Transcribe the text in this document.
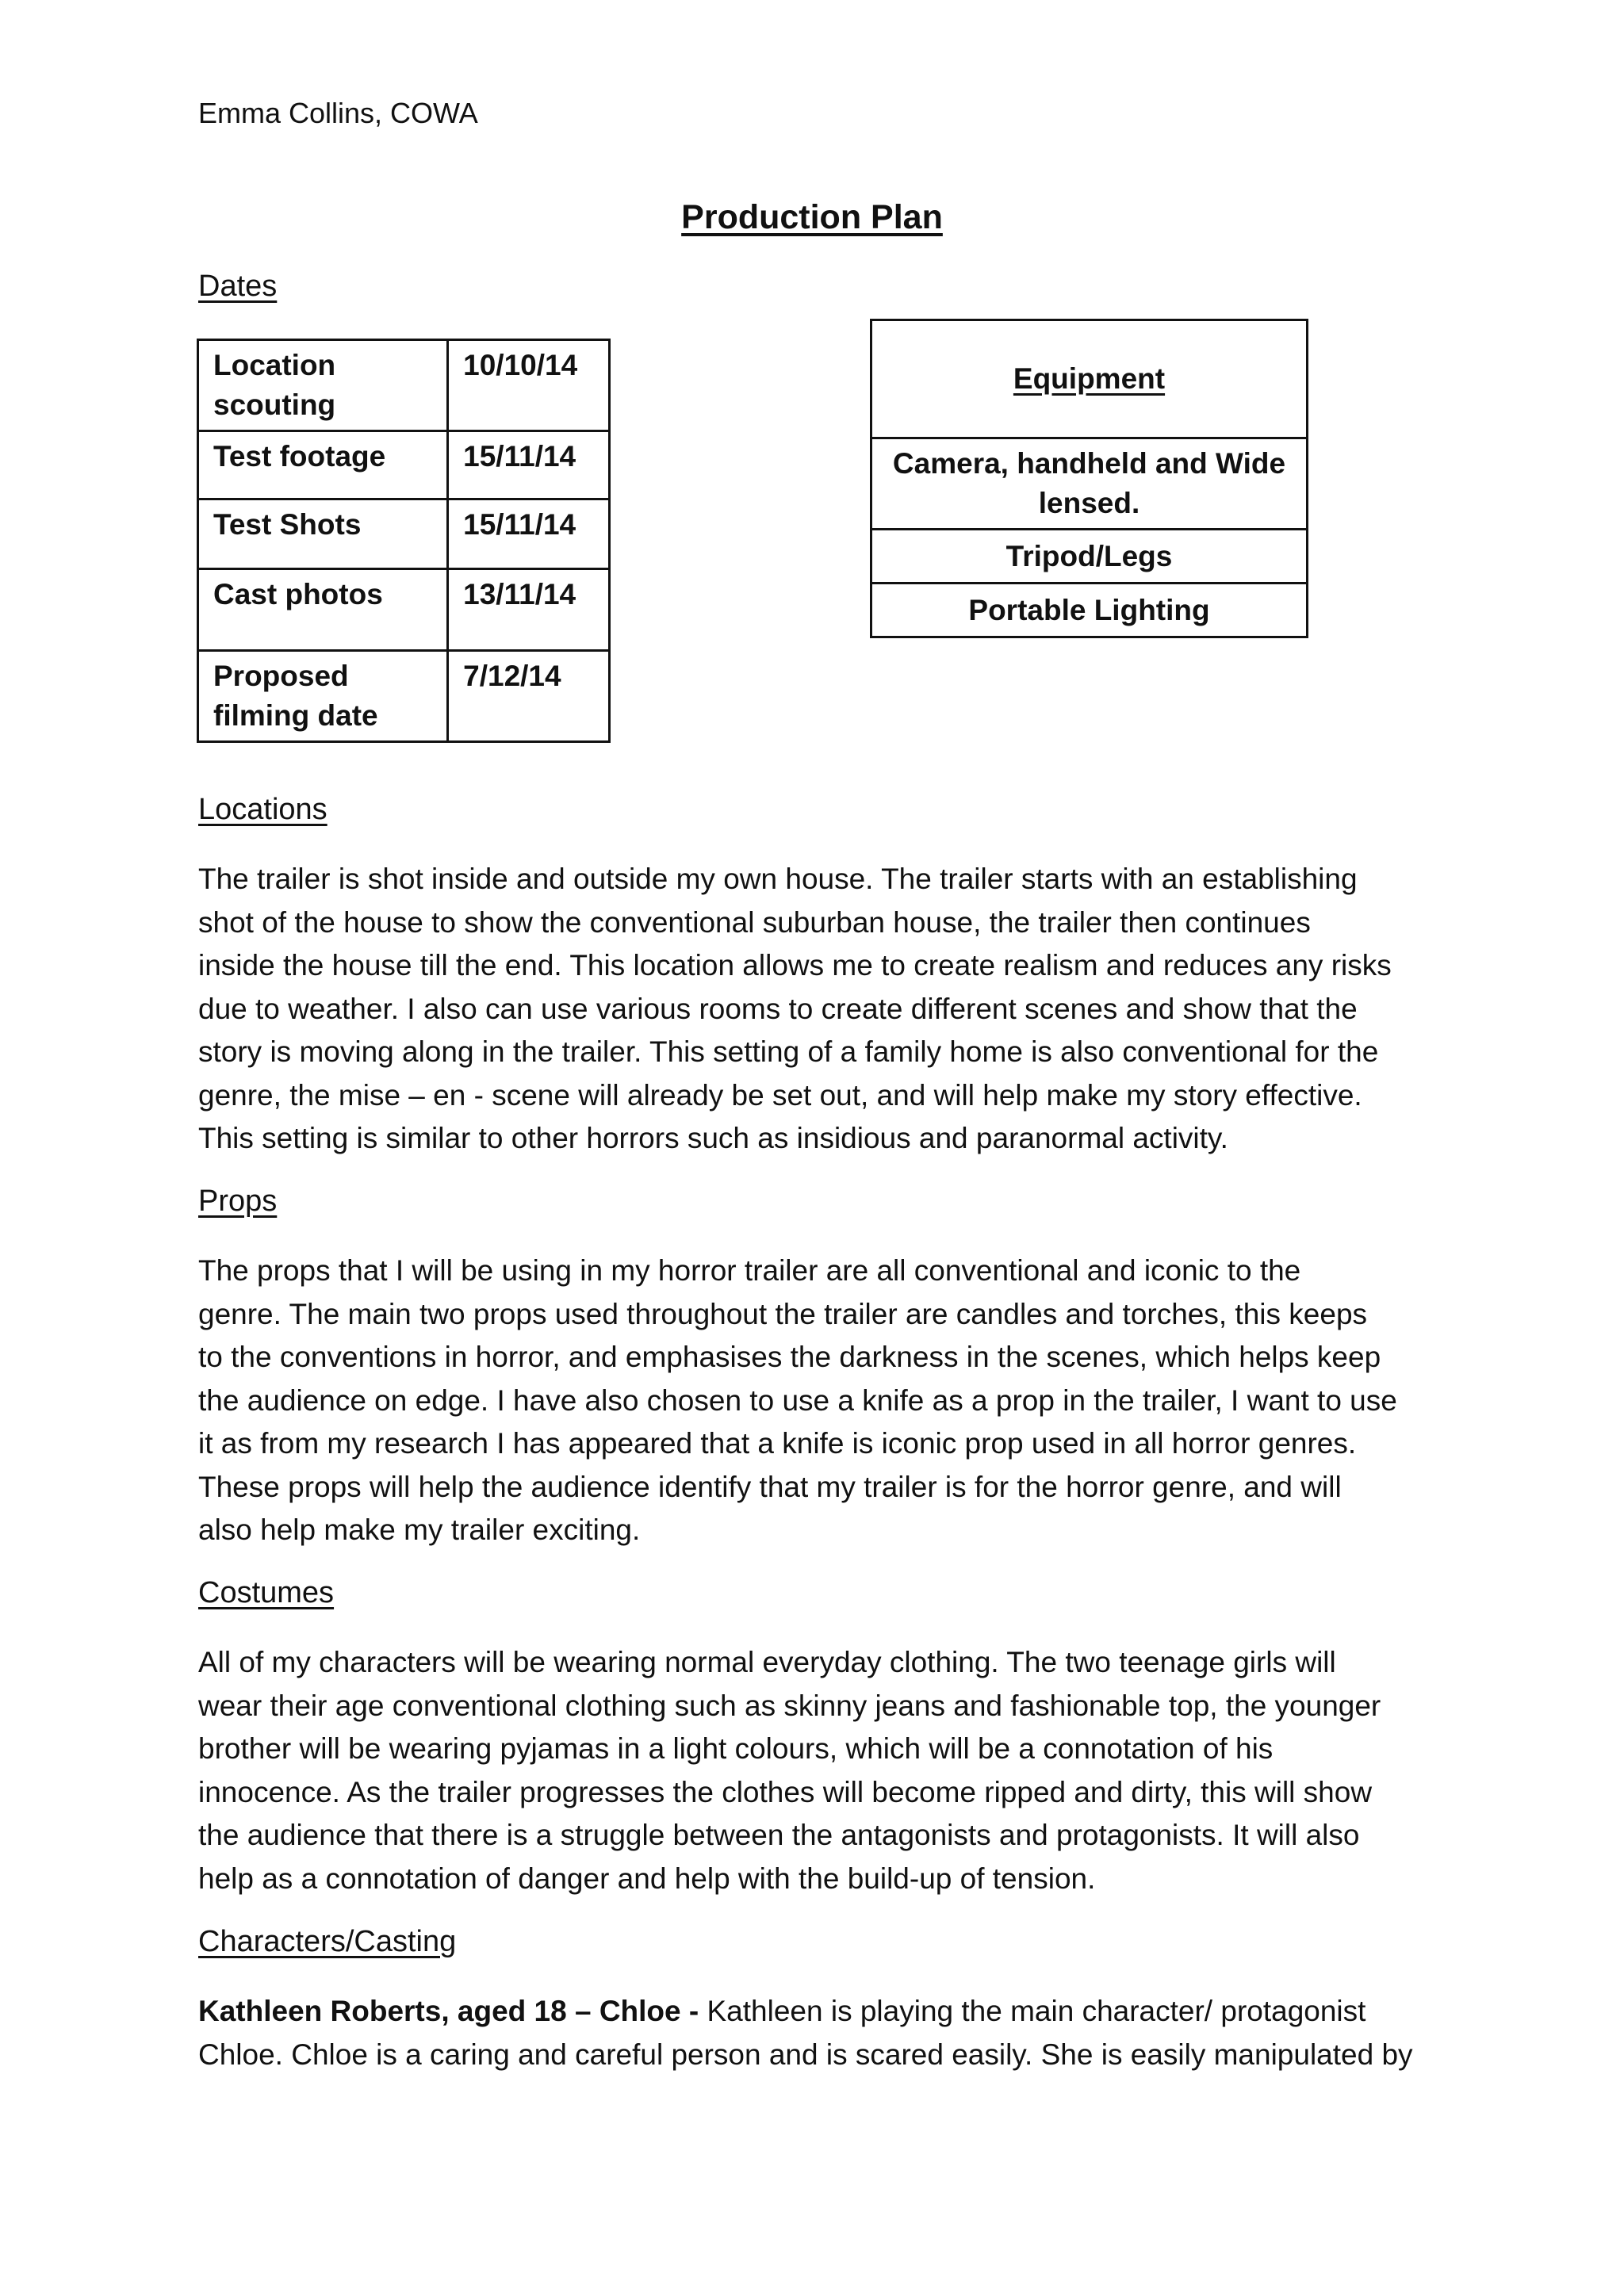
Emma Collins, COWA
Production Plan
Dates
Location scouting	10/10/14
Test footage	15/11/14
Test Shots	15/11/14
Cast photos	13/11/14
Proposed filming date	7/12/14
Equipment
Camera, handheld and Wide lensed.
Tripod/Legs
Portable Lighting
Locations
The trailer is shot inside and outside my own house. The trailer starts with an establishing
shot of the house to show the conventional suburban house, the trailer then continues
inside the house till the end. This location allows me to create realism and reduces any risks
due to weather. I also can use various rooms to create different scenes and show that the
story is moving along in the trailer. This setting of a family home is also conventional for the
genre, the mise – en - scene will already be set out, and will help make my story effective.
This setting is similar to other horrors such as insidious and paranormal activity.
Props
The props that I will be using in my horror trailer are all conventional and iconic to the
genre. The main two props used throughout the trailer are candles and torches, this keeps
to the conventions in horror, and emphasises the darkness in the scenes, which helps keep
the audience on edge. I have also chosen to use a knife as a prop in the trailer, I want to use
it as from my research I has appeared that a knife is iconic prop used in all horror genres.
These props will help the audience identify that my trailer is for the horror genre, and will
also help make my trailer exciting.
Costumes
All of my characters will be wearing normal everyday clothing. The two teenage girls will
wear their age conventional clothing such as skinny jeans and fashionable top, the younger
brother will be wearing pyjamas in a light colours, which will be a connotation of his
innocence. As the trailer progresses the clothes will become ripped and dirty, this will show
the audience that there is a struggle between the antagonists and protagonists. It will also
help as a connotation of danger and help with the build-up of tension.
Characters/Casting
Kathleen Roberts, aged 18 – Chloe - Kathleen is playing the main character/ protagonist
Chloe. Chloe is a caring and careful person and is scared easily. She is easily manipulated by
